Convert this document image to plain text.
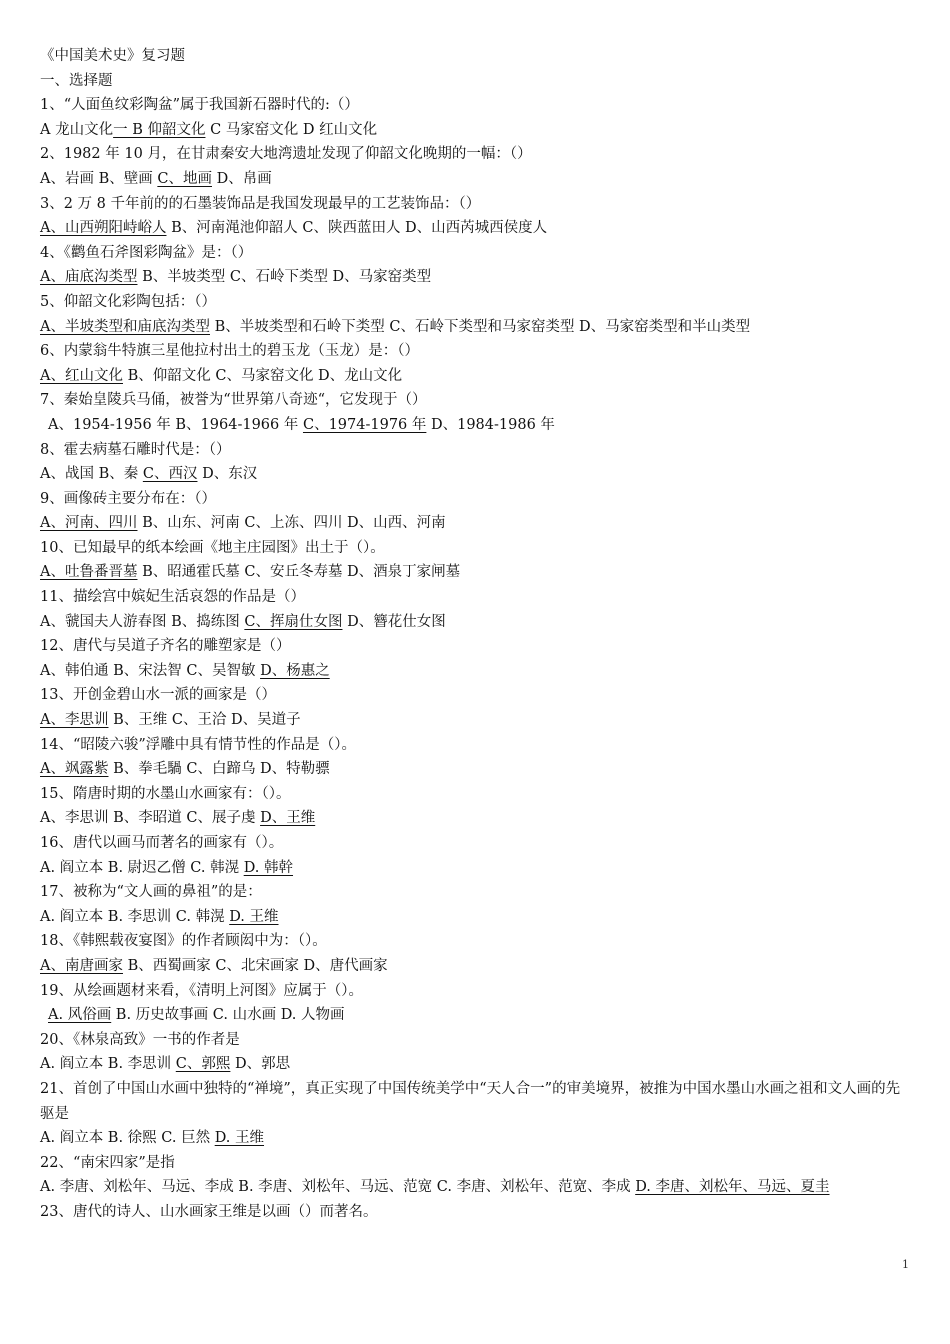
《中国美术史》复习题
一、选择题
1、“人面鱼纹彩陶盆”属于我国新石器时代的:（）
A 龙山文化一 B 仰韶文化 C 马家窑文化 D 红山文化
2、1982 年 10 月，在甘肃秦安大地湾遗址发现了仰韶文化晚期的一幅：（）
A、岩画 B、壁画 C、地画 D、帛画
3、2 万 8 千年前的的石墨装饰品是我国发现最早的工艺装饰品：（）
A、山西朔阳峙峪人 B、河南渑池仰韶人 C、陕西蓝田人 D、山西芮城西侯度人
4、《鹳鱼石斧图彩陶盆》是：（）
A、庙底沟类型 B、半坡类型 C、石岭下类型 D、马家窑类型
5、仰韶文化彩陶包括：（）
A、半坡类型和庙底沟类型 B、半坡类型和石岭下类型 C、石岭下类型和马家窑类型 D、马家窑类型和半山类型
6、内蒙翁牛特旗三星他拉村出土的碧玉龙（玉龙）是：（）
A、红山文化 B、仰韶文化 C、马家窑文化 D、龙山文化
7、秦始皇陵兵马俑，被誉为“世界第八奇迹“，它发现于（）
A、1954-1956 年 B、1964-1966 年 C、1974-1976 年 D、1984-1986 年
8、霍去病墓石雕时代是：（）
A、战国 B、秦 C、西汉 D、东汉
9、画像砖主要分布在：（）
A、河南、四川 B、山东、河南 C、上冻、四川 D、山西、河南
10、已知最早的纸本绘画《地主庄园图》出土于（）。
A、吐鲁番晋墓 B、昭通霍氏墓 C、安丘冬寿墓 D、酒泉丁家闸墓
11、描绘宫中嫔妃生活哀怨的作品是（）
A、虢国夫人游春图 B、捣练图 C、挥扇仕女图 D、簪花仕女图
12、唐代与吴道子齐名的雕塑家是（）
A、韩伯通 B、宋法智 C、吴智敏 D、杨惠之
13、开创金碧山水一派的画家是（）
A、李思训 B、王维 C、王洽 D、吴道子
14、“昭陵六骏”浮雕中具有情节性的作品是（）。
A、飒露紫 B、拳毛騧 C、白蹄乌 D、特勒骠
15、隋唐时期的水墨山水画家有：（）。
A、李思训 B、李昭道 C、展子虔 D、王维
16、唐代以画马而著名的画家有（）。
A. 阎立本 B. 尉迟乙僧 C. 韩滉 D. 韩幹
17、被称为“文人画的鼻祖”的是：
A. 阎立本 B. 李思训 C. 韩滉 D. 王维
18、《韩熙载夜宴图》的作者顾闳中为：（）。
A、南唐画家 B、西蜀画家 C、北宋画家 D、唐代画家
19、从绘画题材来看，《清明上河图》应属于（）。
A. 风俗画 B. 历史故事画 C. 山水画 D. 人物画
20、《林泉高致》一书的作者是
A. 阎立本 B. 李思训 C、郭熙 D、郭思
21、首创了中国山水画中独特的“禅境”，真正实现了中国传统美学中“天人合一”的审美境界，被推为中国水墨山水画之祖和文人画的先驱是
A. 阎立本 B. 徐熙 C. 巨然 D. 王维
22、“南宋四家”是指
A. 李唐、刘松年、马远、李成 B. 李唐、刘松年、马远、范宽 C. 李唐、刘松年、范宽、李成 D. 李唐、刘松年、马远、夏圭
23、唐代的诗人、山水画家王维是以画（）而著名。
1
